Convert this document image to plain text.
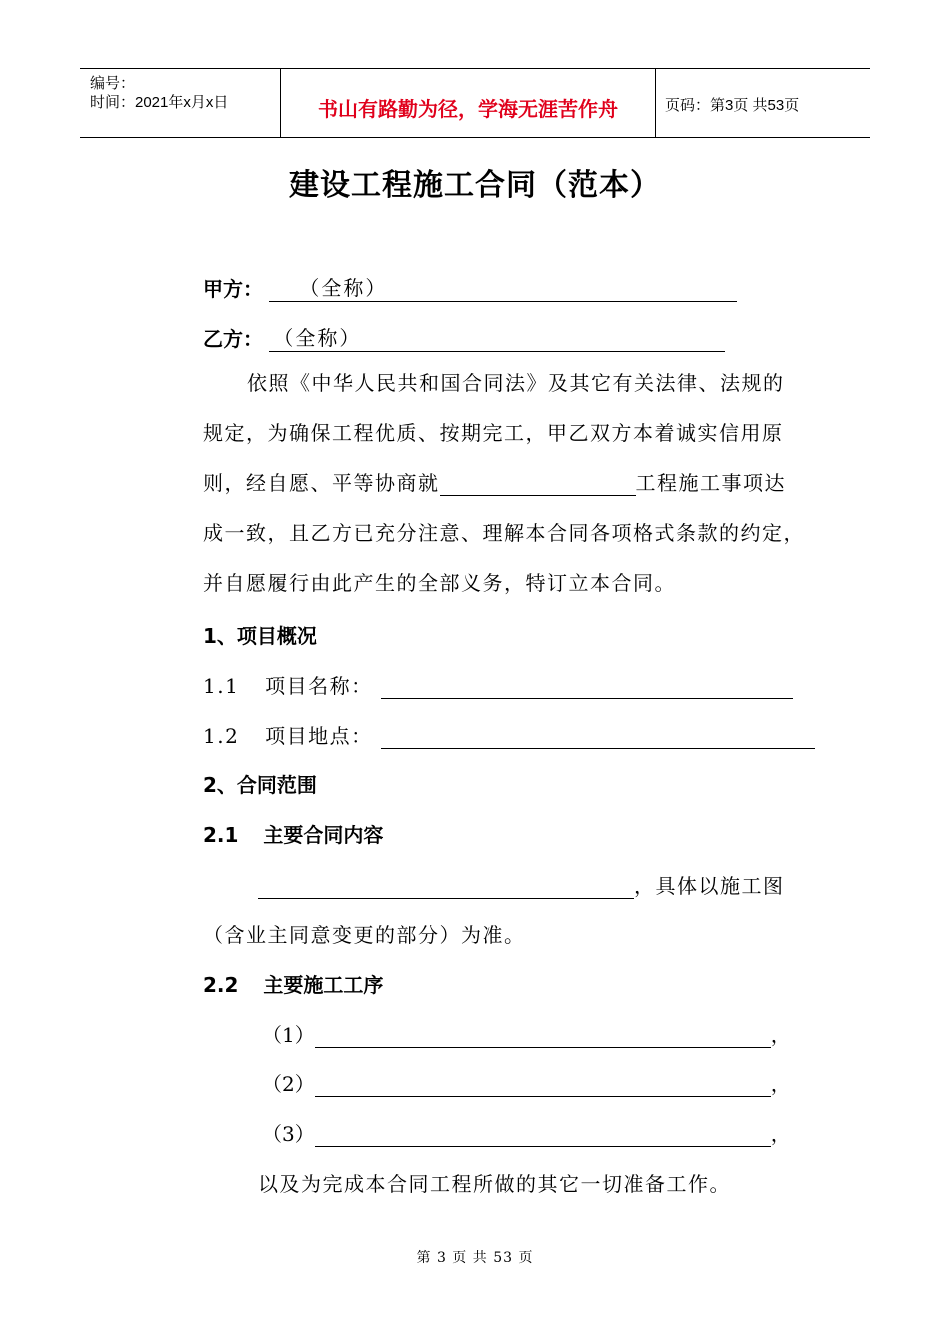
编号：
时间：2021年x月x日	书山有路勤为径，学海无涯苦作舟	页码：第3页 共53页
建设工程施工合同（范本）
甲方： （全称）
乙方： （全称）
依照《中华人民共和国合同法》及其它有关法律、法规的
规定，为确保工程优质、按期完工，甲乙双方本着诚实信用原
则，经自愿、平等协商就	工程施工事项达
成一致，且乙方已充分注意、理解本合同各项格式条款的约定，
并自愿履行由此产生的全部义务，特订立本合同。
1、项目概况
1.1 项目名称：
1.2 项目地点：
2、合同范围
2.1 主要合同内容
，具体以施工图
（含业主同意变更的部分）为准。
2.2 主要施工工序
（1）	，
（2）	，
（3）	，
以及为完成本合同工程所做的其它一切准备工作。
第 3 页 共 53 页
